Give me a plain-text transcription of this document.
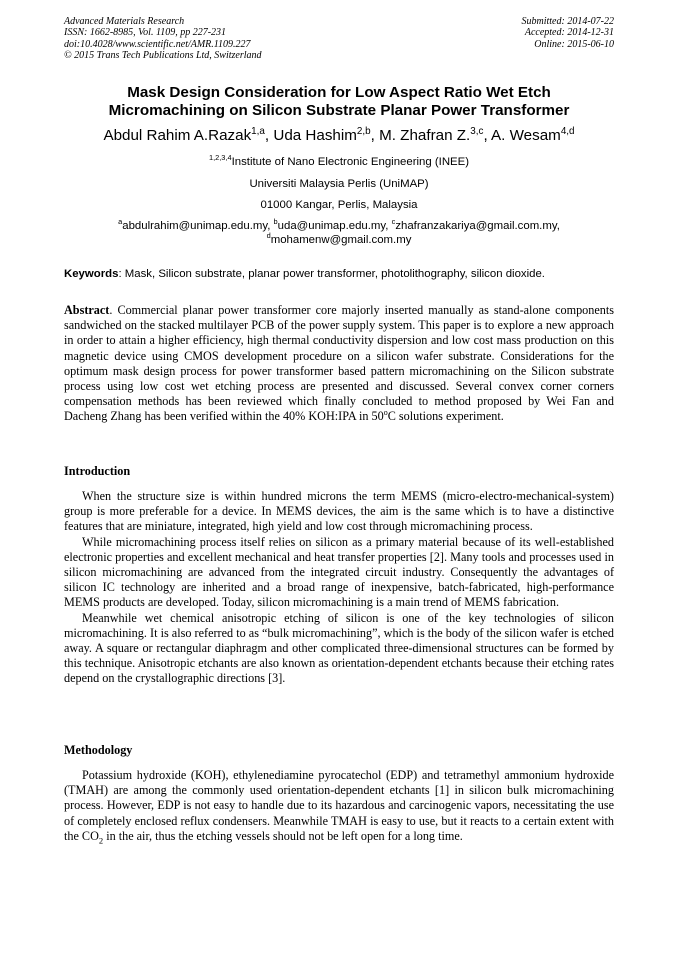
Advanced Materials Research
ISSN: 1662-8985, Vol. 1109, pp 227-231
doi:10.4028/www.scientific.net/AMR.1109.227
© 2015 Trans Tech Publications Ltd, Switzerland
Submitted: 2014-07-22
Accepted: 2014-12-31
Online: 2015-06-10
Mask Design Consideration for Low Aspect Ratio Wet Etch
Micromachining on Silicon Substrate Planar Power Transformer
Abdul Rahim A.Razak$^{1,a}$, Uda Hashim$^{2,b}$, M. Zhafran Z.$^{3,c}$, A. Wesam$^{4,d}$
$^{1,2,3,4}$Institute of Nano Electronic Engineering (INEE)
Universiti Malaysia Perlis (UniMAP)
01000 Kangar, Perlis, Malaysia
$^a$abdulrahim@unimap.edu.my, $^b$uda@unimap.edu.my, $^c$zhafranzakariya@gmail.com.my,
$^d$mohamenw@gmail.com.my
Keywords: Mask, Silicon substrate, planar power transformer, photolithography, silicon dioxide.

Abstract. Commercial planar power transformer core majorly inserted manually as stand-alone components sandwiched on the stacked multilayer PCB of the power supply system. This paper is to explore a new approach in order to attain a higher efficiency, high thermal conductivity dispersion and low cost mass production on this magnetic device using CMOS development procedure on a silicon wafer substrate. Considerations for the optimum mask design process for power transformer based pattern micromachining on the Silicon substrate process using low cost wet etching process are presented and discussed. Several convex corner corners compensation methods has been reviewed which finally concluded to method proposed by Wei Fan and Dacheng Zhang has been verified within the 40% KOH:IPA in 50$^o$C solutions experiment.

Introduction

When the structure size is within hundred microns the term MEMS (micro-electro-mechanical-system) group is more preferable for a device. In MEMS devices, the aim is the same which is to have a distinctive features that are miniature, integrated, high yield and low cost through micromachining process.

While micromachining process itself relies on silicon as a primary material because of its well-established electronic properties and excellent mechanical and heat transfer properties [2]. Many tools and processes used in silicon micromachining are advanced from the integrated circuit industry. Consequently the advantages of silicon IC technology are inherited and a broad range of inexpensive, batch-fabricated, high-performance MEMS products are developed. Today, silicon micromachining is a main trend of MEMS fabrication.

Meanwhile wet chemical anisotropic etching of silicon is one of the key technologies of silicon micromachining. It is also referred to as “bulk micromachining”, which is the body of the silicon wafer is etched away. A square or rectangular diaphragm and other complicated three-dimensional structures can be formed by this technique. Anisotropic etchants are also known as orientation-dependent etchants because their etching rates depend on the crystallographic directions [3].

Methodology

Potassium hydroxide (KOH), ethylenediamine pyrocatechol (EDP) and tetramethyl ammonium hydroxide (TMAH) are among the commonly used orientation-dependent etchants [1] in silicon bulk micromachining process. However, EDP is not easy to handle due to its hazardous and carcinogenic vapors, necessitating the use of completely enclosed reflux condensers. Meanwhile TMAH is easy to use, but it reacts to a certain extent with the $CO_2$ in the air, thus the etching vessels should not be left open for a long time.
